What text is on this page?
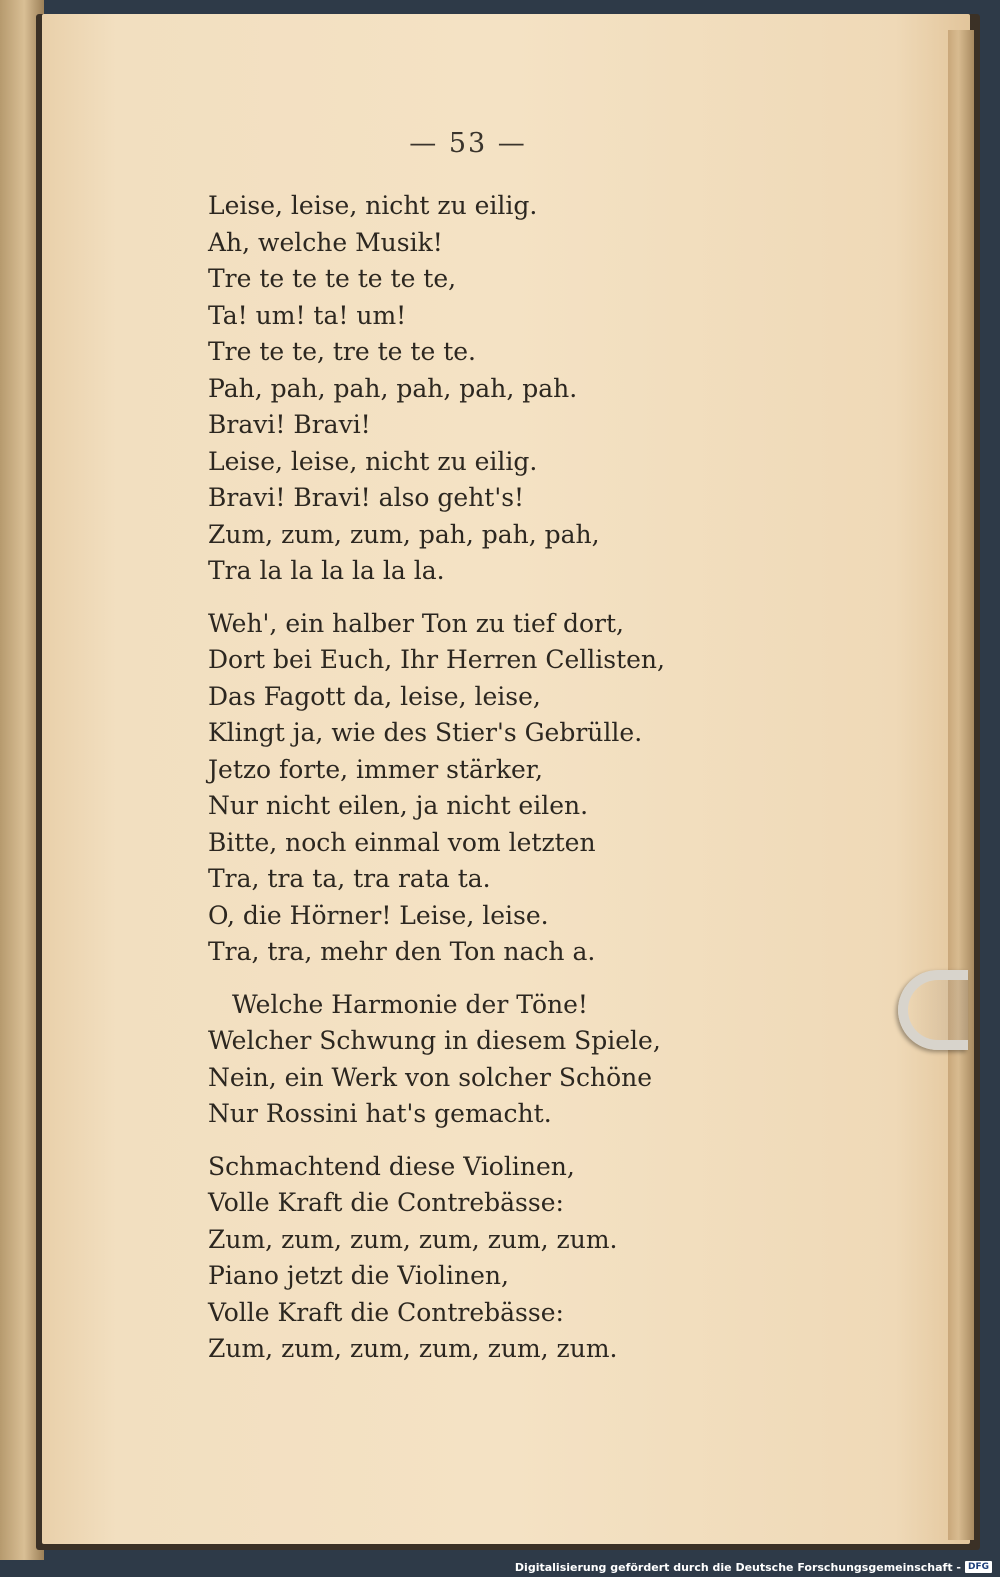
— 53 —
Leise, leise, nicht zu eilig.
Ah, welche Musik!
Tre te te te te te te,
Ta! um! ta! um!
Tre te te, tre te te te.
Pah, pah, pah, pah, pah, pah.
Bravi! Bravi!
Leise, leise, nicht zu eilig.
Bravi! Bravi! also geht's!
Zum, zum, zum, pah, pah, pah,
Tra la la la la la la.
Weh', ein halber Ton zu tief dort,
Dort bei Euch, Ihr Herren Cellisten,
Das Fagott da, leise, leise,
Klingt ja, wie des Stier's Gebrülle.
Jetzo forte, immer stärker,
Nur nicht eilen, ja nicht eilen.
Bitte, noch einmal vom letzten
Tra, tra ta, tra rata ta.
O, die Hörner! Leise, leise.
Tra, tra, mehr den Ton nach a.
Welche Harmonie der Töne!
Welcher Schwung in diesem Spiele,
Nein, ein Werk von solcher Schöne
Nur Rossini hat's gemacht.
Schmachtend diese Violinen,
Volle Kraft die Contrebässe:
Zum, zum, zum, zum, zum, zum.
Piano jetzt die Violinen,
Volle Kraft die Contrebässe:
Zum, zum, zum, zum, zum, zum.
Digitalisierung gefördert durch die Deutsche Forschungsgemeinschaft - DFG
